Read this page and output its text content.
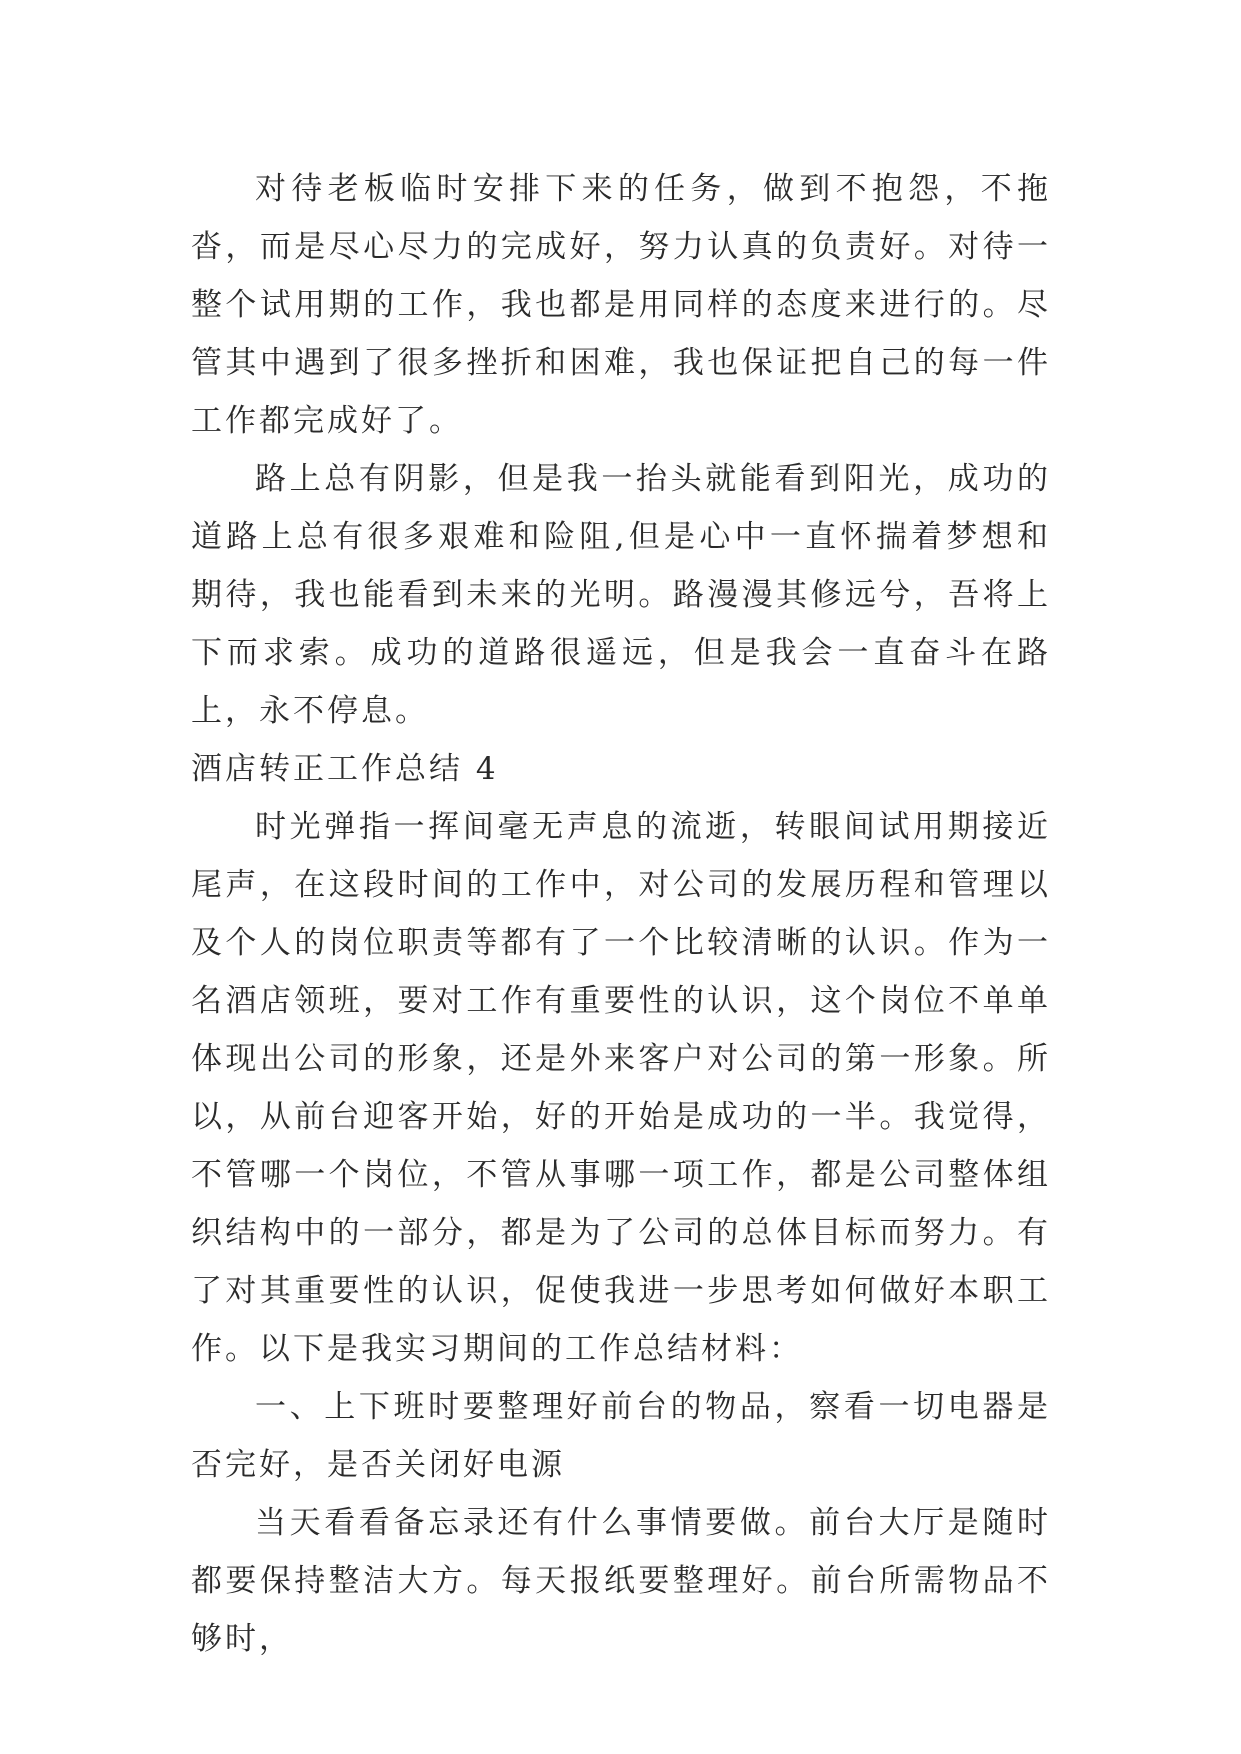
对待老板临时安排下来的任务，做到不抱怨，不拖沓，而是尽心尽力的完成好，努力认真的负责好。对待一整个试用期的工作，我也都是用同样的态度来进行的。尽管其中遇到了很多挫折和困难，我也保证把自己的每一件工作都完成好了。

路上总有阴影，但是我一抬头就能看到阳光，成功的道路上总有很多艰难和险阻,但是心中一直怀揣着梦想和期待，我也能看到未来的光明。路漫漫其修远兮，吾将上下而求索。成功的道路很遥远，但是我会一直奋斗在路上，永不停息。

酒店转正工作总结 4

时光弹指一挥间毫无声息的流逝，转眼间试用期接近尾声，在这段时间的工作中，对公司的发展历程和管理以及个人的岗位职责等都有了一个比较清晰的认识。作为一名酒店领班，要对工作有重要性的认识，这个岗位不单单体现出公司的形象，还是外来客户对公司的第一形象。所以，从前台迎客开始，好的开始是成功的一半。我觉得，不管哪一个岗位，不管从事哪一项工作，都是公司整体组织结构中的一部分，都是为了公司的总体目标而努力。有了对其重要性的认识，促使我进一步思考如何做好本职工作。以下是我实习期间的工作总结材料：

一、上下班时要整理好前台的物品，察看一切电器是否完好，是否关闭好电源

当天看看备忘录还有什么事情要做。前台大厅是随时都要保持整洁大方。每天报纸要整理好。前台所需物品不够时，
